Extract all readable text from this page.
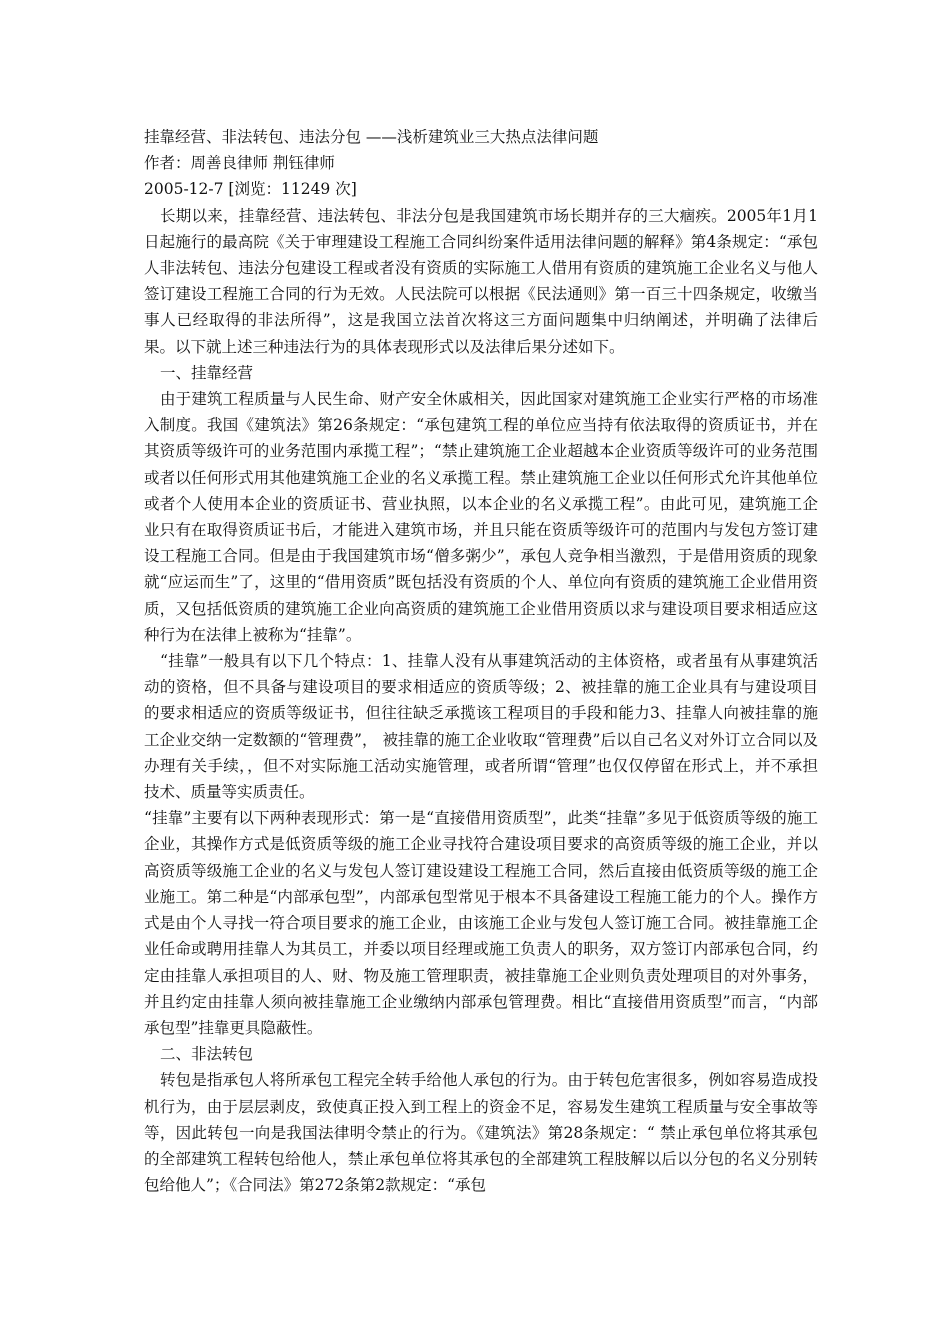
挂靠经营、非法转包、违法分包 ——浅析建筑业三大热点法律问题

作者：周善良律师 荆钰律师

2005-12-7 [浏览：11249 次]

长期以来，挂靠经营、违法转包、非法分包是我国建筑市场长期并存的三大痼疾。2005年1月1日起施行的最高院《关于审理建设工程施工合同纠纷案件适用法律问题的解释》第4条规定：“承包人非法转包、违法分包建设工程或者没有资质的实际施工人借用有资质的建筑施工企业名义与他人签订建设工程施工合同的行为无效。人民法院可以根据《民法通则》第一百三十四条规定，收缴当事人已经取得的非法所得”，这是我国立法首次将这三方面问题集中归纳阐述，并明确了法律后果。以下就上述三种违法行为的具体表现形式以及法律后果分述如下。

一、挂靠经营

由于建筑工程质量与人民生命、财产安全休戚相关，因此国家对建筑施工企业实行严格的市场准入制度。我国《建筑法》第26条规定：“承包建筑工程的单位应当持有依法取得的资质证书，并在其资质等级许可的业务范围内承揽工程”；“禁止建筑施工企业超越本企业资质等级许可的业务范围或者以任何形式用其他建筑施工企业的名义承揽工程。禁止建筑施工企业以任何形式允许其他单位或者个人使用本企业的资质证书、营业执照，以本企业的名义承揽工程”。由此可见，建筑施工企业只有在取得资质证书后，才能进入建筑市场，并且只能在资质等级许可的范围内与发包方签订建设工程施工合同。但是由于我国建筑市场“僧多粥少”，承包人竞争相当激烈，于是借用资质的现象就“应运而生”了，这里的“借用资质”既包括没有资质的个人、单位向有资质的建筑施工企业借用资质，又包括低资质的建筑施工企业向高资质的建筑施工企业借用资质以求与建设项目要求相适应这种行为在法律上被称为“挂靠”。

“挂靠”一般具有以下几个特点：1、挂靠人没有从事建筑活动的主体资格，或者虽有从事建筑活动的资格，但不具备与建设项目的要求相适应的资质等级；2、被挂靠的施工企业具有与建设项目的要求相适应的资质等级证书，但往往缺乏承揽该工程项目的手段和能力3、挂靠人向被挂靠的施工企业交纳一定数额的“管理费”， 被挂靠的施工企业收取“管理费”后以自己名义对外订立合同以及办理有关手续，，但不对实际施工活动实施管理，或者所谓“管理”也仅仅停留在形式上，并不承担技术、质量等实质责任。

“挂靠”主要有以下两种表现形式：第一是“直接借用资质型”，此类“挂靠”多见于低资质等级的施工企业，其操作方式是低资质等级的施工企业寻找符合建设项目要求的高资质等级的施工企业，并以高资质等级施工企业的名义与发包人签订建设建设工程施工合同，然后直接由低资质等级的施工企业施工。第二种是“内部承包型”，内部承包型常见于根本不具备建设工程施工能力的个人。操作方式是由个人寻找一符合项目要求的施工企业，由该施工企业与发包人签订施工合同。被挂靠施工企业任命或聘用挂靠人为其员工，并委以项目经理或施工负责人的职务，双方签订内部承包合同，约定由挂靠人承担项目的人、财、物及施工管理职责，被挂靠施工企业则负责处理项目的对外事务，并且约定由挂靠人须向被挂靠施工企业缴纳内部承包管理费。相比“直接借用资质型”而言，“内部承包型”挂靠更具隐蔽性。

二、非法转包

转包是指承包人将所承包工程完全转手给他人承包的行为。由于转包危害很多，例如容易造成投机行为，由于层层剥皮，致使真正投入到工程上的资金不足，容易发生建筑工程质量与安全事故等等，因此转包一向是我国法律明令禁止的行为。《建筑法》第28条规定：“ 禁止承包单位将其承包的全部建筑工程转包给他人，禁止承包单位将其承包的全部建筑工程肢解以后以分包的名义分别转包给他人”；《合同法》第272条第2款规定：“承包
